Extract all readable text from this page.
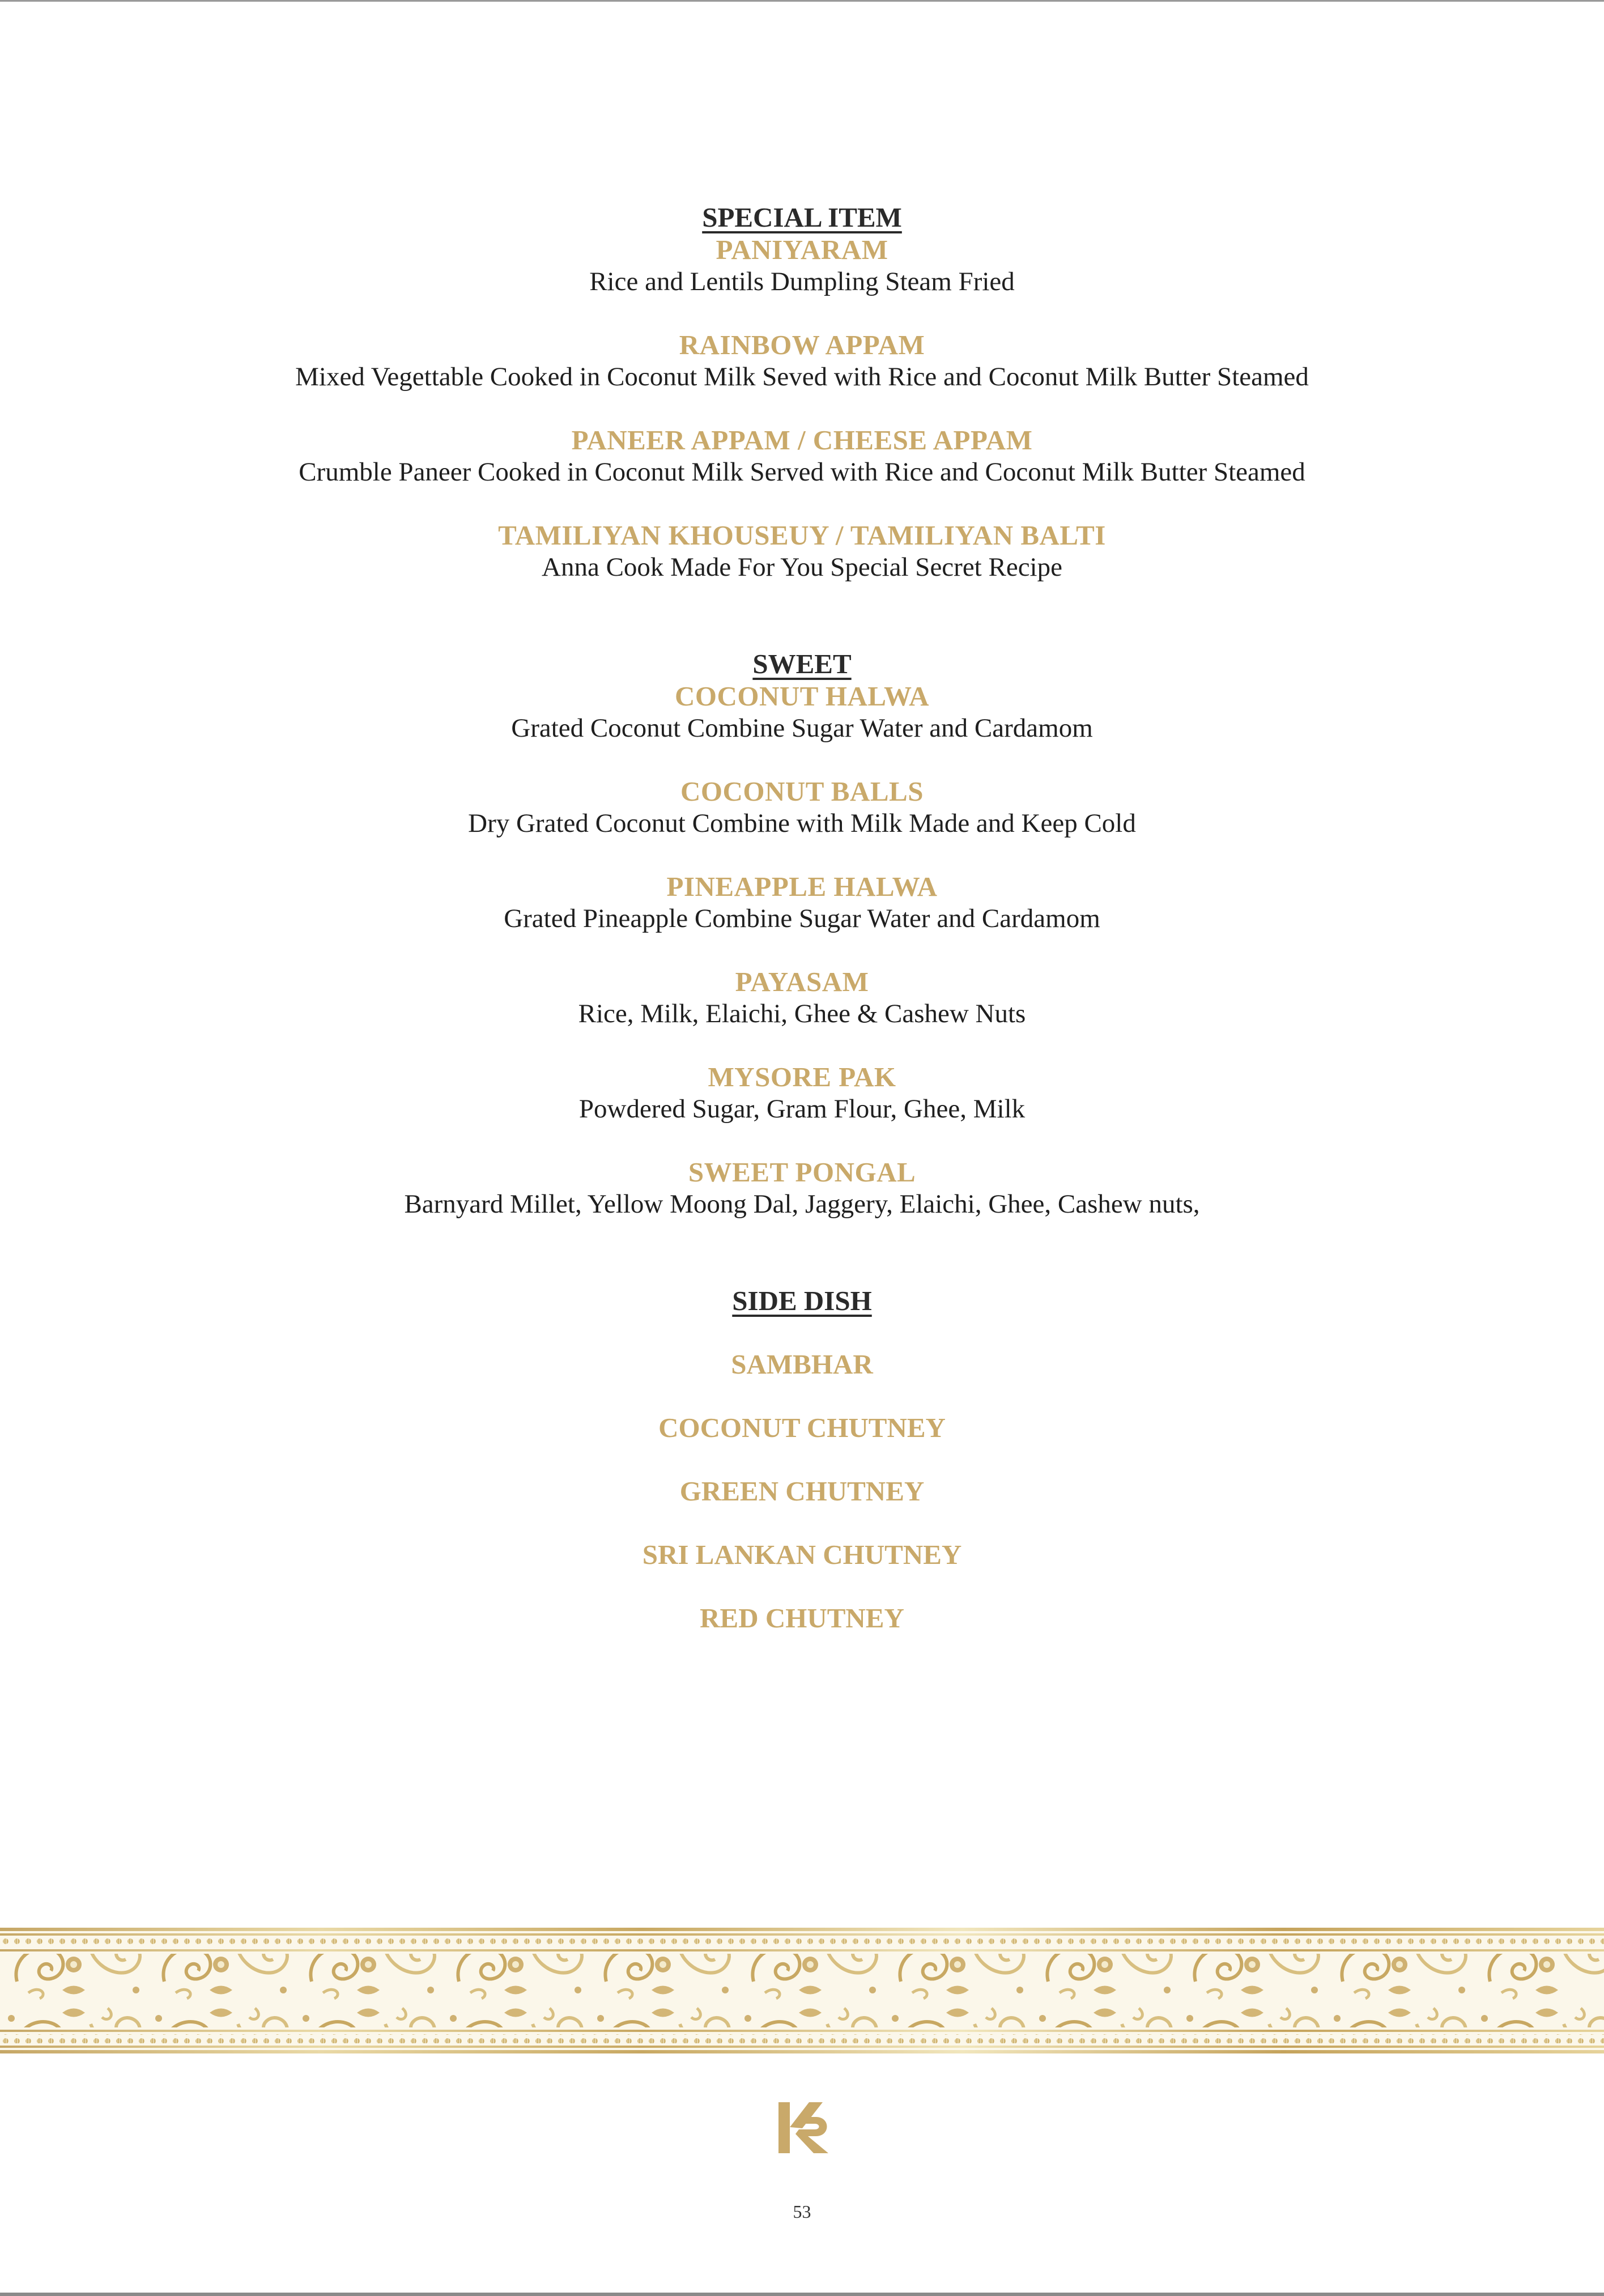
SPECIAL ITEM
PANIYARAM
Rice and Lentils Dumpling Steam Fried
RAINBOW APPAM
Mixed Vegettable Cooked in Coconut Milk Seved with Rice and Coconut Milk Butter Steamed
PANEER APPAM / CHEESE APPAM
Crumble Paneer Cooked in Coconut Milk Served with Rice and Coconut Milk Butter Steamed
TAMILIYAN KHOUSEUY / TAMILIYAN BALTI
Anna Cook Made For You Special Secret Recipe
SWEET
COCONUT HALWA
Grated Coconut Combine Sugar Water and Cardamom
COCONUT BALLS
Dry Grated Coconut Combine with Milk Made and Keep Cold
PINEAPPLE HALWA
Grated Pineapple Combine Sugar Water and Cardamom
PAYASAM
Rice, Milk, Elaichi, Ghee & Cashew Nuts
MYSORE PAK
Powdered Sugar, Gram Flour, Ghee, Milk
SWEET PONGAL
Barnyard Millet, Yellow Moong Dal, Jaggery, Elaichi, Ghee, Cashew nuts,
SIDE DISH
SAMBHAR
COCONUT CHUTNEY
GREEN CHUTNEY
SRI LANKAN CHUTNEY
RED CHUTNEY
53
